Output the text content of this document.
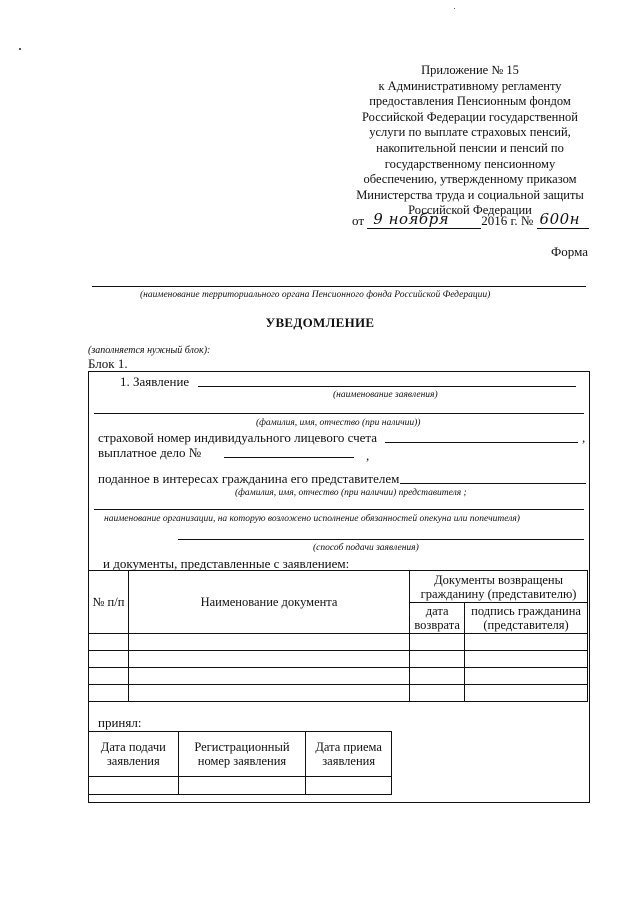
Приложение № 15
к Административному регламенту
предоставления Пенсионным фондом
Российской Федерации государственной
услуги по выплате страховых пенсий,
накопительной пенсии и пенсий по
государственному пенсионному
обеспечению, утвержденному приказом
Министерства труда и социальной защиты
Российской Федерации
от 9 ноября 2016 г. № 600н
Форма
(наименование территориального органа Пенсионного фонда Российской Федерации)
УВЕДОМЛЕНИЕ
(заполняется нужный блок):
Блок 1.
1. Заявление
(наименование заявления)
(фамилия, имя, отчество (при наличии))
страховой номер индивидуального лицевого счета	,
выплатное дело №	,
поданное в интересах гражданина его представителем
(фамилия, имя, отчество (при наличии) представителя ;
наименование организации, на которую возложено исполнение обязанностей опекуна или попечителя)
(способ подачи заявления)
и документы, представленные с заявлением:
№ п/п	Наименование документа	Документы возвращены гражданину (представителю)	
		дата возврата	подпись гражданина (представителя)

принял:
Дата подачи заявления	Регистрационный номер заявления	Дата приема заявления
